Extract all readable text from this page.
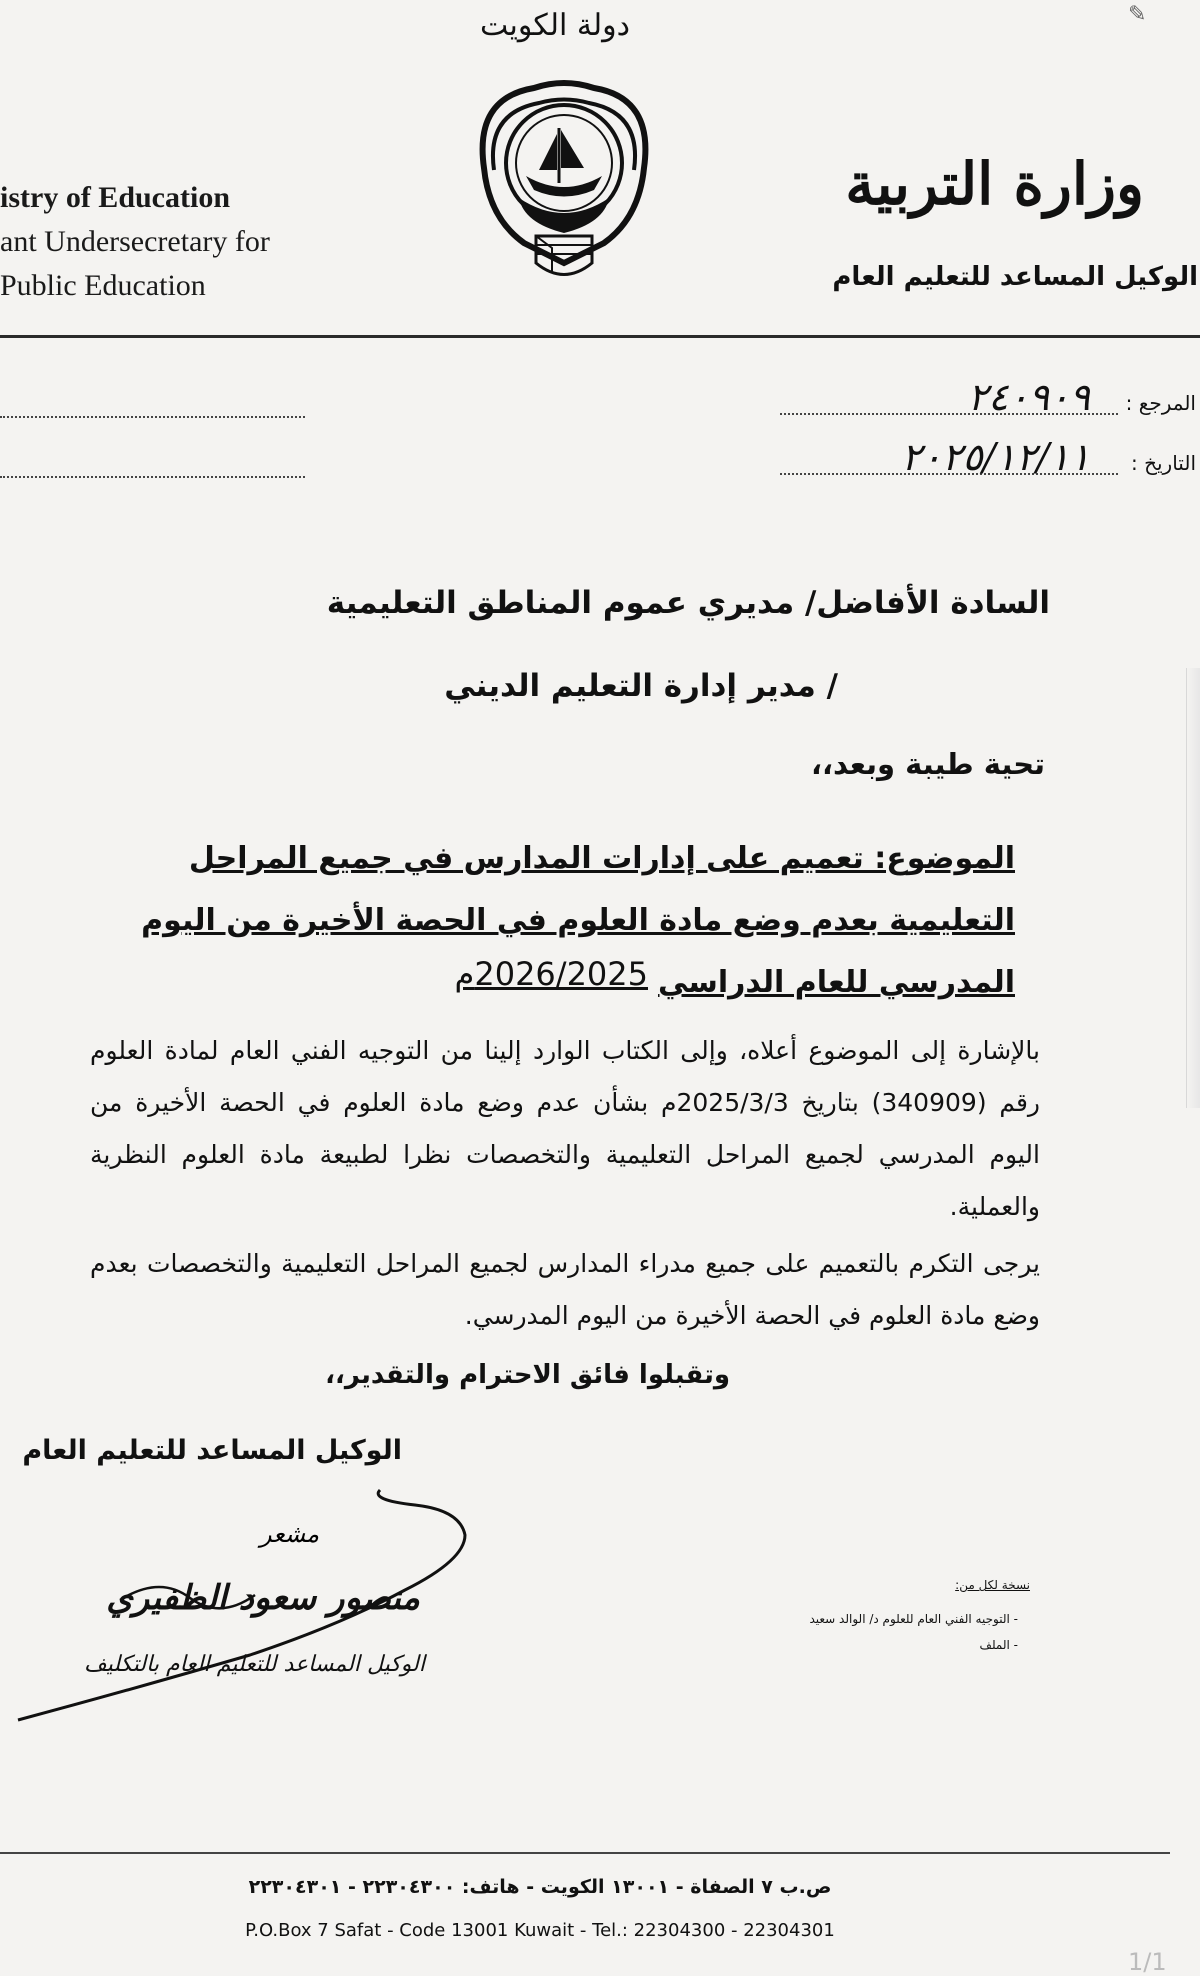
✎
دولة الكويت
istry of Education
ant Undersecretary for
Public Education
وزارة التربية
الوكيل المساعد للتعليم العام
المرجع :
٢٤٠٩٠٩
التاريخ :
٢٠٢٥/١٢/١١
السادة الأفاضل/ مديري عموم المناطق التعليمية
/ مدير إدارة التعليم الديني
تحية طيبة وبعد،،
الموضوع: تعميم على إدارات المدارس في جميع المراحل التعليمية بعدم وضع مادة العلوم في الحصة الأخيرة من اليوم المدرسي للعام الدراسي
2026/2025م
بالإشارة إلى الموضوع أعلاه، وإلى الكتاب الوارد إلينا من التوجيه الفني العام لمادة العلوم رقم (340909) بتاريخ 2025/3/3م بشأن عدم وضع مادة العلوم في الحصة الأخيرة من اليوم المدرسي لجميع المراحل التعليمية والتخصصات نظرا لطبيعة مادة العلوم النظرية والعملية.
يرجى التكرم بالتعميم على جميع مدراء المدارس لجميع المراحل التعليمية والتخصصات بعدم وضع مادة العلوم في الحصة الأخيرة من اليوم المدرسي.
وتقبلوا فائق الاحترام والتقدير،،
الوكيل المساعد للتعليم العام
مشعر
منصور سعود الظفيري
الوكيل المساعد للتعليم العام بالتكليف
نسخة لكل من:
- التوجيه الفني العام للعلوم د/ الوالد سعيد
- الملف
ص.ب ٧ الصفاة - ١٣٠٠١ الكويت - هاتف: ٢٢٣٠٤٣٠٠ - ٢٢٣٠٤٣٠١
P.O.Box 7 Safat - Code 13001 Kuwait - Tel.: 22304300 - 22304301
1/1
